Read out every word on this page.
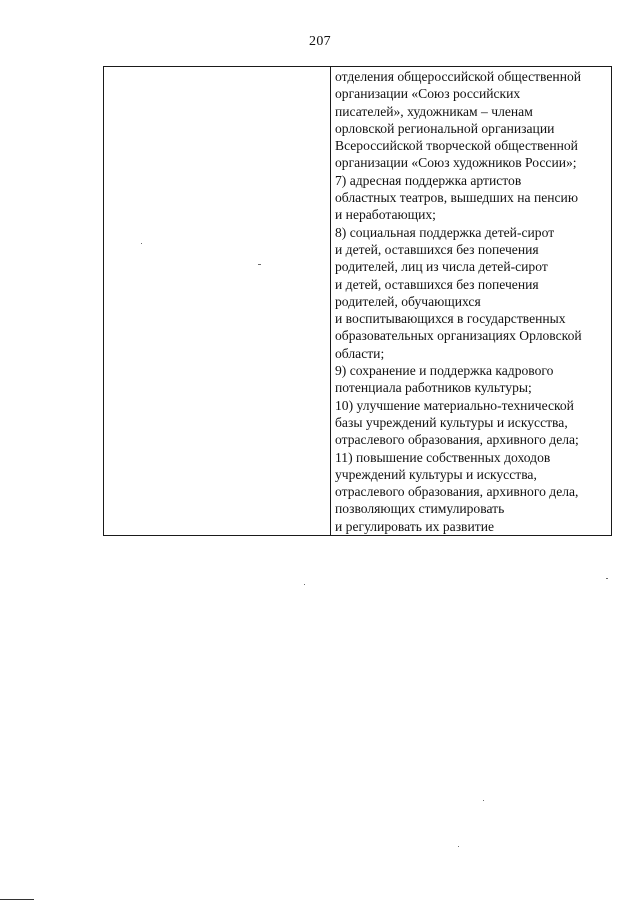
207
отделения общероссийской общественной
организации «Союз российских
писателей», художникам – членам
орловской региональной организации
Всероссийской творческой общественной
организации «Союз художников России»;
7) адресная поддержка артистов
областных театров, вышедших на пенсию
и неработающих;
8) социальная поддержка детей-сирот
и детей, оставшихся без попечения
родителей, лиц из числа детей-сирот
и детей, оставшихся без попечения
родителей, обучающихся
и воспитывающихся в государственных
образовательных организациях Орловской
области;
9) сохранение и поддержка кадрового
потенциала работников культуры;
10) улучшение материально-технической
базы учреждений культуры и искусства,
отраслевого образования, архивного дела;
11) повышение собственных доходов
учреждений культуры и искусства,
отраслевого образования, архивного дела,
позволяющих стимулировать
и регулировать их развитие
